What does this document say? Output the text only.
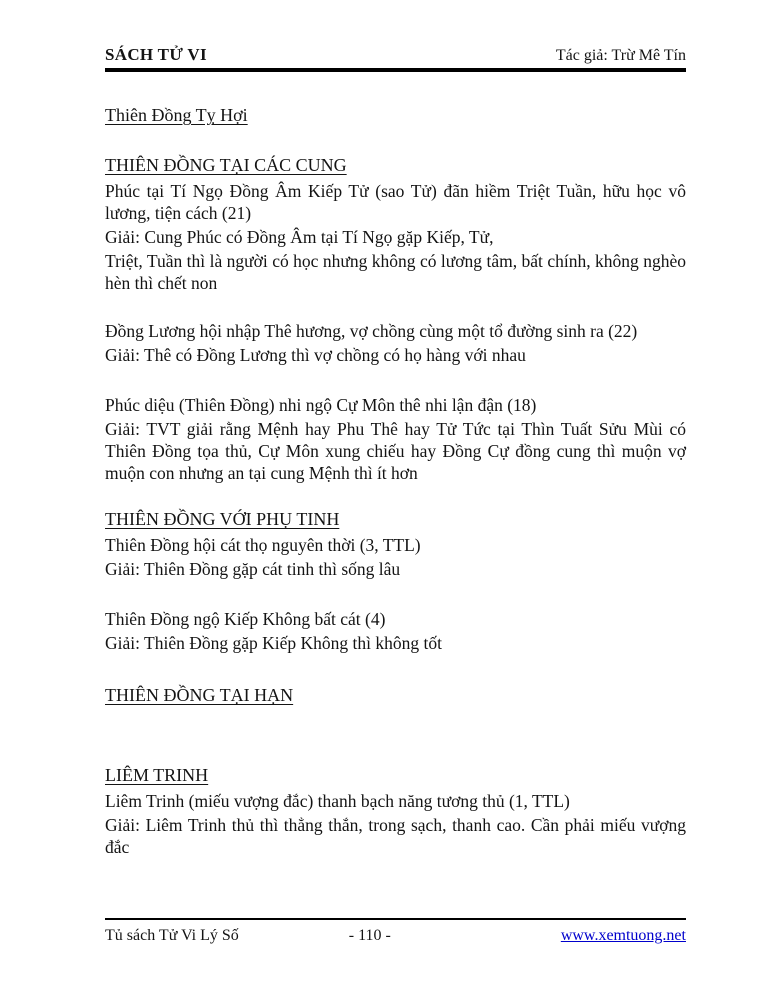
SÁCH TỬ VI	Tác giả: Trừ Mê Tín

Thiên Đồng Tỵ Hợi

THIÊN ĐỒNG TẠI CÁC CUNG

Phúc tại Tí Ngọ Đồng Âm Kiếp Tử (sao Tử) đãn hiềm Triệt Tuần, hữu học vô lương, tiện cách (21)

Giải: Cung Phúc có Đồng Âm tại Tí Ngọ gặp Kiếp, Tử,

Triệt, Tuần thì là người có học nhưng không có lương tâm, bất chính, không nghèo hèn thì chết non

Đồng Lương hội nhập Thê hương, vợ chồng cùng một tổ đường sinh ra (22)

Giải: Thê có Đồng Lương thì vợ chồng có họ hàng với nhau

Phúc diệu (Thiên Đồng) nhi ngộ Cự Môn thê nhi lận đận (18)

Giải: TVT giải rằng Mệnh hay Phu Thê hay Tử Tức tại Thìn Tuất Sửu Mùi có Thiên Đồng tọa thủ, Cự Môn xung chiếu hay Đồng Cự đồng cung thì muộn vợ muộn con nhưng an tại cung Mệnh thì ít hơn

THIÊN ĐỒNG VỚI PHỤ TINH

Thiên Đồng hội cát thọ nguyên thời (3, TTL)

Giải: Thiên Đồng gặp cát tinh thì sống lâu

Thiên Đồng ngộ Kiếp Không bất cát (4)

Giải: Thiên Đồng gặp Kiếp Không thì không tốt

THIÊN ĐỒNG TẠI HẠN

LIÊM TRINH

Liêm Trinh (miếu vượng đắc) thanh bạch năng tương thủ (1, TTL)

Giải: Liêm Trinh thủ thì thẳng thắn, trong sạch, thanh cao. Cần phải miếu vượng đắc

Tủ sách Tử Vi Lý Số	- 110 -	www.xemtuong.net
